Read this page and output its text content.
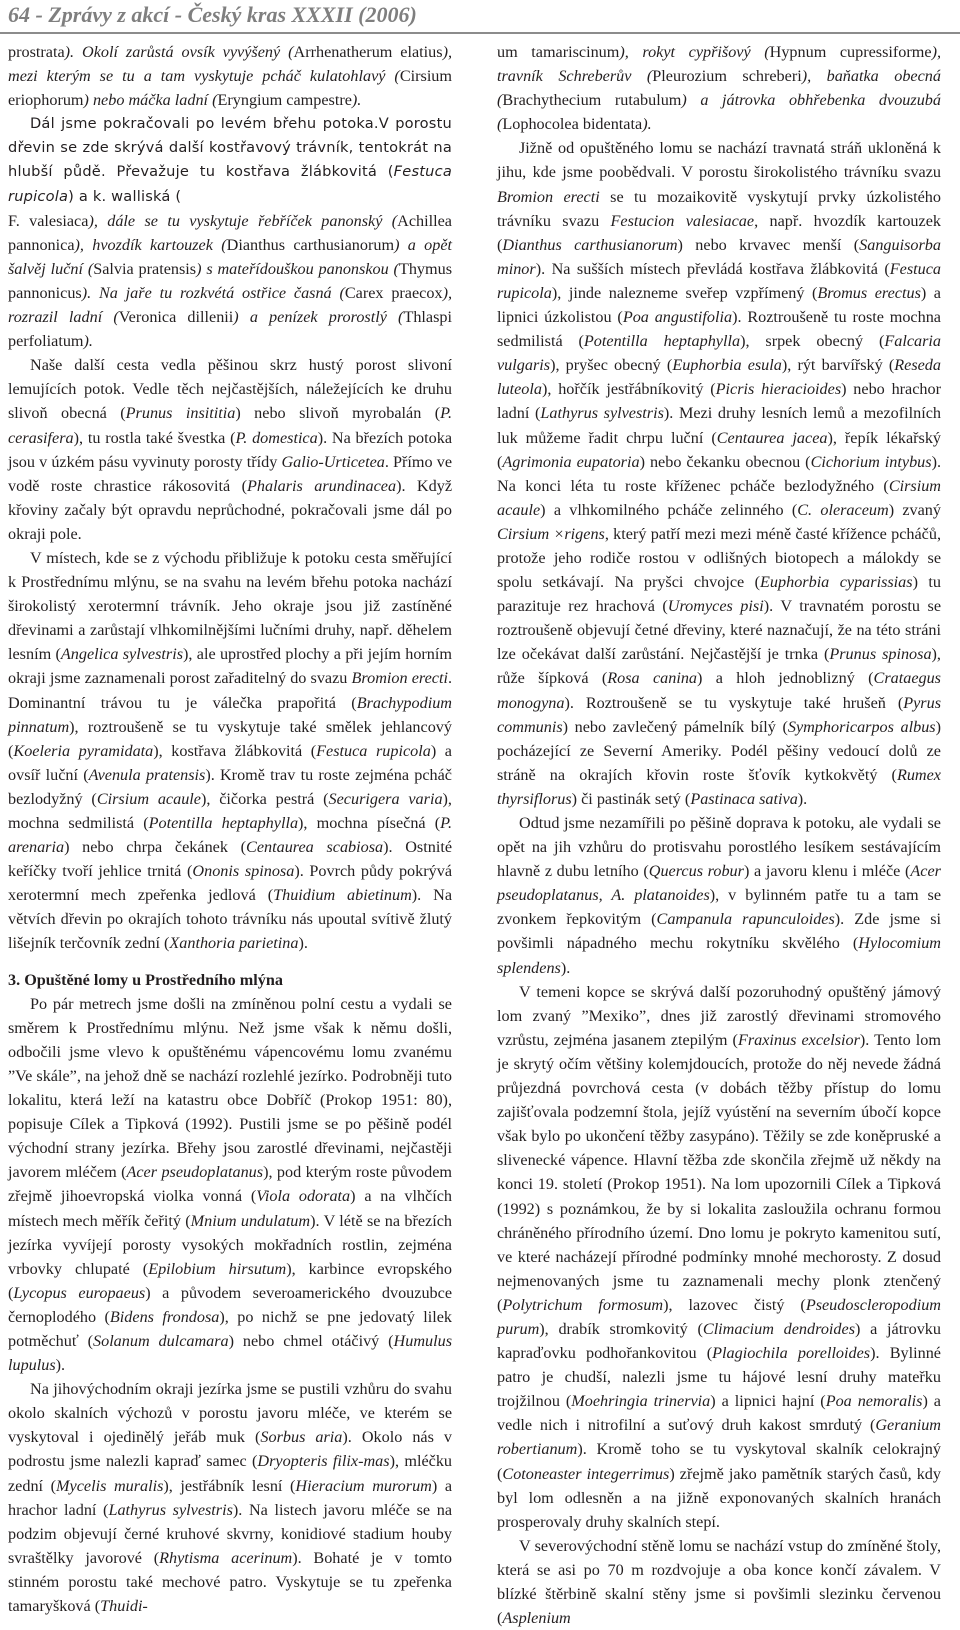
64 - Zprávy z akcí - Český kras XXXII (2006)

prostrata). Okolí zarůstá ovsík vyvýšený (Arrhenatherum elatius), mezi kterým se tu a tam vyskytuje pcháč kulatohlavý (Cirsium eriophorum) nebo máčka ladní (Eryngium campestre).

Dál jsme pokračovali po levém břehu potoka.V porostu dřevin se zde skrývá další kostřavový trávník, tentokrát na hlubší půdě. Převažuje tu kostřava žlábkovitá (Festuca rupicola) a k. walliská (

F. valesiaca), dále se tu vyskytuje řebříček panonský (Achillea pannonica), hvozdík kartouzek (Dianthus carthusianorum) a opět šalvěj luční (Salvia pratensis) s mateřídouškou panonskou (Thymus pannonicus). Na jaře tu rozkvétá ostřice časná (Carex praecox), rozrazil ladní (Veronica dillenii) a penízek prorostlý (Thlaspi perfoliatum).

Naše další cesta vedla pěšinou skrz hustý porost slivoní lemujících potok. Vedle těch nejčastějších, náležejících ke druhu slivoň obecná (Prunus insititia) nebo slivoň myrobalán (P. cerasifera), tu rostla také švestka (P. domestica). Na březích potoka jsou v úzkém pásu vyvinuty porosty třídy Galio-Urticetea. Přímo ve vodě roste chrastice rákosovitá (Phalaris arundinacea). Když křoviny začaly být opravdu neprůchodné, pokračovali jsme dál po okraji pole.

V místech, kde se z východu přibližuje k potoku cesta směřující k Prostřednímu mlýnu, se na svahu na levém břehu potoka nachází širokolistý xerotermní trávník. Jeho okraje jsou již zastíněné dřevinami a zarůstají vlhkomilnějšími lučními druhy, např. děhelem lesním (Angelica sylvestris), ale uprostřed plochy a při jejím horním okraji jsme zaznamenali porost zařaditelný do svazu Bromion erecti. Dominantní trávou tu je válečka prapořitá (Brachypodium pinnatum), roztroušeně se tu vyskytuje také smělek jehlancový (Koeleria pyramidata), kostřava žlábkovitá (Festuca rupicola) a ovsíř luční (Avenula pratensis). Kromě trav tu roste zejména pcháč bezlodyžný (Cirsium acaule), čičorka pestrá (Securigera varia), mochna sedmilistá (Potentilla heptaphylla), mochna písečná (P. arenaria) nebo chrpa čekánek (Centaurea scabiosa). Ostnité keříčky tvoří jehlice trnitá (Ononis spinosa). Povrch půdy pokrývá xerotermní mech zpeřenka jedlová (Thuidium abietinum). Na větvích dřevin po okrajích tohoto trávníku nás upoutal svítivě žlutý lišejník terčovník zední (Xanthoria parietina).

3. Opuštěné lomy u Prostředního mlýna

Po pár metrech jsme došli na zmíněnou polní cestu a vydali se směrem k Prostřednímu mlýnu. Než jsme však k němu došli, odbočili jsme vlevo k opuštěnému vápencovému lomu zvanému ”Ve skále”, na jehož dně se nachází rozlehlé jezírko. Podrobněji tuto lokalitu, která leží na katastru obce Dobříč (Prokop 1951: 80), popisuje Cílek a Tipková (1992). Pustili jsme se po pěšině podél východní strany jezírka. Břehy jsou zarostlé dřevinami, nejčastěji javorem mléčem (Acer pseudoplatanus), pod kterým roste původem zřejmě jihoevropská violka vonná (Viola odorata) a na vlhčích místech mech měřík čeřitý (Mnium undulatum). V létě se na březích jezírka vyvíjejí porosty vysokých mokřadních rostlin, zejména vrbovky chlupaté (Epilobium hirsutum), karbince evropského (Lycopus europaeus) a původem severoamerického dvouzubce černoplodého (Bidens frondosa), po nichž se pne jedovatý lilek potměchuť (Solanum dulcamara) nebo chmel otáčivý (Humulus lupulus).

Na jihovýchodním okraji jezírka jsme se pustili vzhůru do svahu okolo skalních výchozů v porostu javoru mléče, ve kterém se vyskytoval i ojedinělý jeřáb muk (Sorbus aria). Okolo nás v podrostu jsme nalezli kapraď samec (Dryopteris filix-mas), mléčku zední (Mycelis muralis), jestřábník lesní (Hieracium murorum) a hrachor ladní (Lathyrus sylvestris). Na listech javoru mléče se na podzim objevují černé kruhové skvrny, konidiové stadium houby svraštělky javorové (Rhytisma acerinum). Bohaté je v tomto stinném porostu také mechové patro. Vyskytuje se tu zpeřenka tamaryšková (Thuidi-

um tamariscinum), rokyt cypřišový (Hypnum cupressiforme), travník Schreberův (Pleurozium schreberi), baňatka obecná (Brachythecium rutabulum) a játrovka obhřebenka dvouzubá (Lophocolea bidentata).

Jižně od opuštěného lomu se nachází travnatá stráň ukloněná k jihu, kde jsme poobědvali. V porostu širokolistého trávníku svazu Bromion erecti se tu mozaikovitě vyskytují prvky úzkolistého trávníku svazu Festucion valesiacae, např. hvozdík kartouzek (Dianthus carthusianorum) nebo krvavec menší (Sanguisorba minor). Na sušších místech převládá kostřava žlábkovitá (Festuca rupicola), jinde nalezneme sveřep vzpřímený (Bromus erectus) a lipnici úzkolistou (Poa angustifolia). Roztroušeně tu roste mochna sedmilistá (Potentilla heptaphylla), srpek obecný (Falcaria vulgaris), pryšec obecný (Euphorbia esula), rýt barvířský (Reseda luteola), hořčík jestřábníkovitý (Picris hieracioides) nebo hrachor ladní (Lathyrus sylvestris). Mezi druhy lesních lemů a mezofilních luk můžeme řadit chrpu luční (Centaurea jacea), řepík lékařský (Agrimonia eupatoria) nebo čekanku obecnou (Cichorium intybus). Na konci léta tu roste kříženec pcháče bezlodyžného (Cirsium acaule) a vlhkomilného pcháče zelinného (C. oleraceum) zvaný Cirsium ×rigens, který patří mezi mezi méně časté křížence pcháčů, protože jeho rodiče rostou v odlišných biotopech a málokdy se spolu setkávají. Na pryšci chvojce (Euphorbia cyparissias) tu parazituje rez hrachová (Uromyces pisi). V travnatém porostu se roztroušeně objevují četné dřeviny, které naznačují, že na této stráni lze očekávat další zarůstání. Nejčastější je trnka (Prunus spinosa), růže šípková (Rosa canina) a hloh jednoblizný (Crataegus monogyna). Roztroušeně se tu vyskytuje také hrušeň (Pyrus communis) nebo zavlečený pámelník bílý (Symphoricarpos albus) pocházející ze Severní Ameriky. Podél pěšiny vedoucí dolů ze stráně na okrajích křovin roste šťovík kytkokvětý (Rumex thyrsiflorus) či pastinák setý (Pastinaca sativa).

Odtud jsme nezamířili po pěšině doprava k potoku, ale vydali se opět na jih vzhůru do protisvahu porostlého lesíkem sestávajícím hlavně z dubu letního (Quercus robur) a javoru klenu i mléče (Acer pseudoplatanus, A. platanoides), v bylinném patře tu a tam se zvonkem řepkovitým (Campanula rapunculoides). Zde jsme si povšimli nápadného mechu rokytníku skvělého (Hylocomium splendens).

V temeni kopce se skrývá další pozoruhodný opuštěný jámový lom zvaný ”Mexiko”, dnes již zarostlý dřevinami stromového vzrůstu, zejména jasanem ztepilým (Fraxinus excelsior). Tento lom je skrytý očím většiny kolemjdoucích, protože do něj nevede žádná průjezdná povrchová cesta (v dobách těžby přístup do lomu zajišťovala podzemní štola, jejíž vyústění na severním úbočí kopce však bylo po ukončení těžby zasypáno). Těžily se zde koněpruské a slivenecké vápence. Hlavní těžba zde skončila zřejmě už někdy na konci 19. století (Prokop 1951). Na lom upozornili Cílek a Tipková (1992) s poznámkou, že by si lokalita zasloužila ochranu formou chráněného přírodního území. Dno lomu je pokryto kamenitou sutí, ve které nacházejí přírodné podmínky mnohé mechorosty. Z dosud nejmenovaných jsme tu zaznamenali mechy plonk ztenčený (Polytrichum formosum), lazovec čistý (Pseudoscleropodium purum), drabík stromkovitý (Climacium dendroides) a játrovku kapraďovku podhořankovitou (Plagiochila porelloides). Bylinné patro je chudší, nalezli jsme tu hájové lesní druhy mateřku trojžilnou (Moehringia trinervia) a lipnici hajní (Poa nemoralis) a vedle nich i nitrofilní a suťový druh kakost smrdutý (Geranium robertianum). Kromě toho se tu vyskytoval skalník celokrajný (Cotoneaster integerrimus) zřejmě jako pamětník starých časů, kdy byl lom odlesněn a na jižně exponovaných skalních hranách prosperovaly druhy skalních stepí.

V severovýchodní stěně lomu se nachází vstup do zmíněné štoly, která se asi po 70 m rozdvojuje a oba konce končí závalem. V blízké štěrbině skalní stěny jsme si povšimli slezinku červenou (Asplenium
